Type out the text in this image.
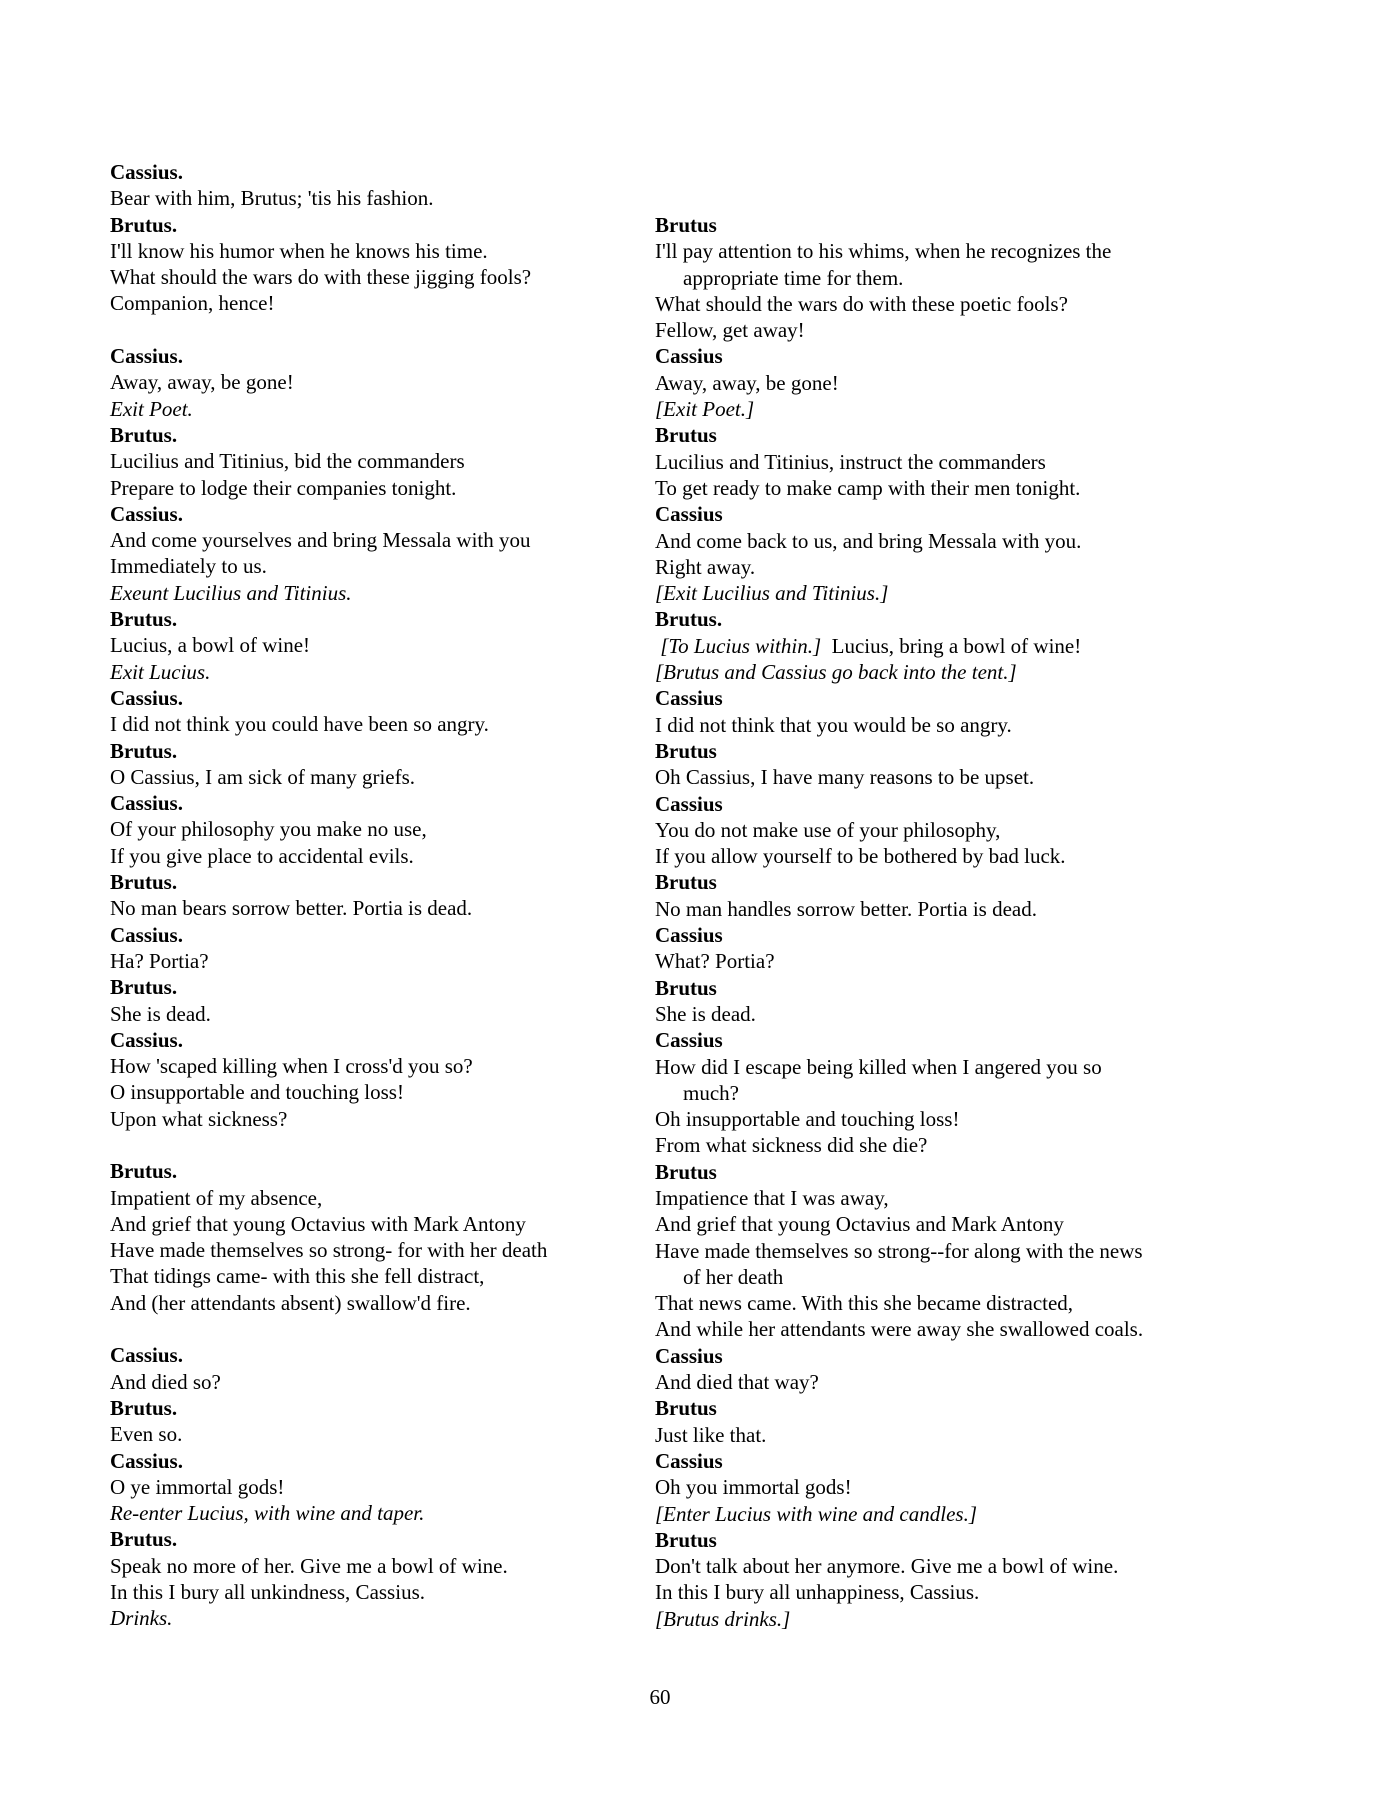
Cassius.
Bear with him, Brutus; 'tis his fashion.
Brutus.
I'll know his humor when he knows his time.
What should the wars do with these jigging fools?
Companion, hence!

Cassius.
Away, away, be gone!
Exit Poet.
Brutus.
Lucilius and Titinius, bid the commanders
Prepare to lodge their companies tonight.
Cassius.
And come yourselves and bring Messala with you
Immediately to us.
Exeunt Lucilius and Titinius.
Brutus.
Lucius, a bowl of wine!
Exit Lucius.
Cassius.
I did not think you could have been so angry.
Brutus.
O Cassius, I am sick of many griefs.
Cassius.
Of your philosophy you make no use,
If you give place to accidental evils.
Brutus.
No man bears sorrow better. Portia is dead.
Cassius.
Ha? Portia?
Brutus.
She is dead.
Cassius.
How 'scaped killing when I cross'd you so?
O insupportable and touching loss!
Upon what sickness?

Brutus.
Impatient of my absence,
And grief that young Octavius with Mark Antony
Have made themselves so strong- for with her death
That tidings came- with this she fell distract,
And (her attendants absent) swallow'd fire.

Cassius.
And died so?
Brutus.
Even so.
Cassius.
O ye immortal gods!
Re-enter Lucius, with wine and taper.
Brutus.
Speak no more of her. Give me a bowl of wine.
In this I bury all unkindness, Cassius.
Drinks.
Brutus
I'll pay attention to his whims, when he recognizes the
appropriate time for them.
What should the wars do with these poetic fools?
Fellow, get away!
Cassius
Away, away, be gone!
[Exit Poet.]
Brutus
Lucilius and Titinius, instruct the commanders
To get ready to make camp with their men tonight.
Cassius
And come back to us, and bring Messala with you.
Right away.
[Exit Lucilius and Titinius.]
Brutus.
[To Lucius within.]  Lucius, bring a bowl of wine!
[Brutus and Cassius go back into the tent.]
Cassius
I did not think that you would be so angry.
Brutus
Oh Cassius, I have many reasons to be upset.
Cassius
You do not make use of your philosophy,
If you allow yourself to be bothered by bad luck.
Brutus
No man handles sorrow better. Portia is dead.
Cassius
What? Portia?
Brutus
She is dead.
Cassius
How did I escape being killed when I angered you so
much?
Oh insupportable and touching loss!
From what sickness did she die?
Brutus
Impatience that I was away,
And grief that young Octavius and Mark Antony
Have made themselves so strong--for along with the news
of her death
That news came. With this she became distracted,
And while her attendants were away she swallowed coals.
Cassius
And died that way?
Brutus
Just like that.
Cassius
Oh you immortal gods!
[Enter Lucius with wine and candles.]
Brutus
Don't talk about her anymore. Give me a bowl of wine.
In this I bury all unhappiness, Cassius.
[Brutus drinks.]
60
